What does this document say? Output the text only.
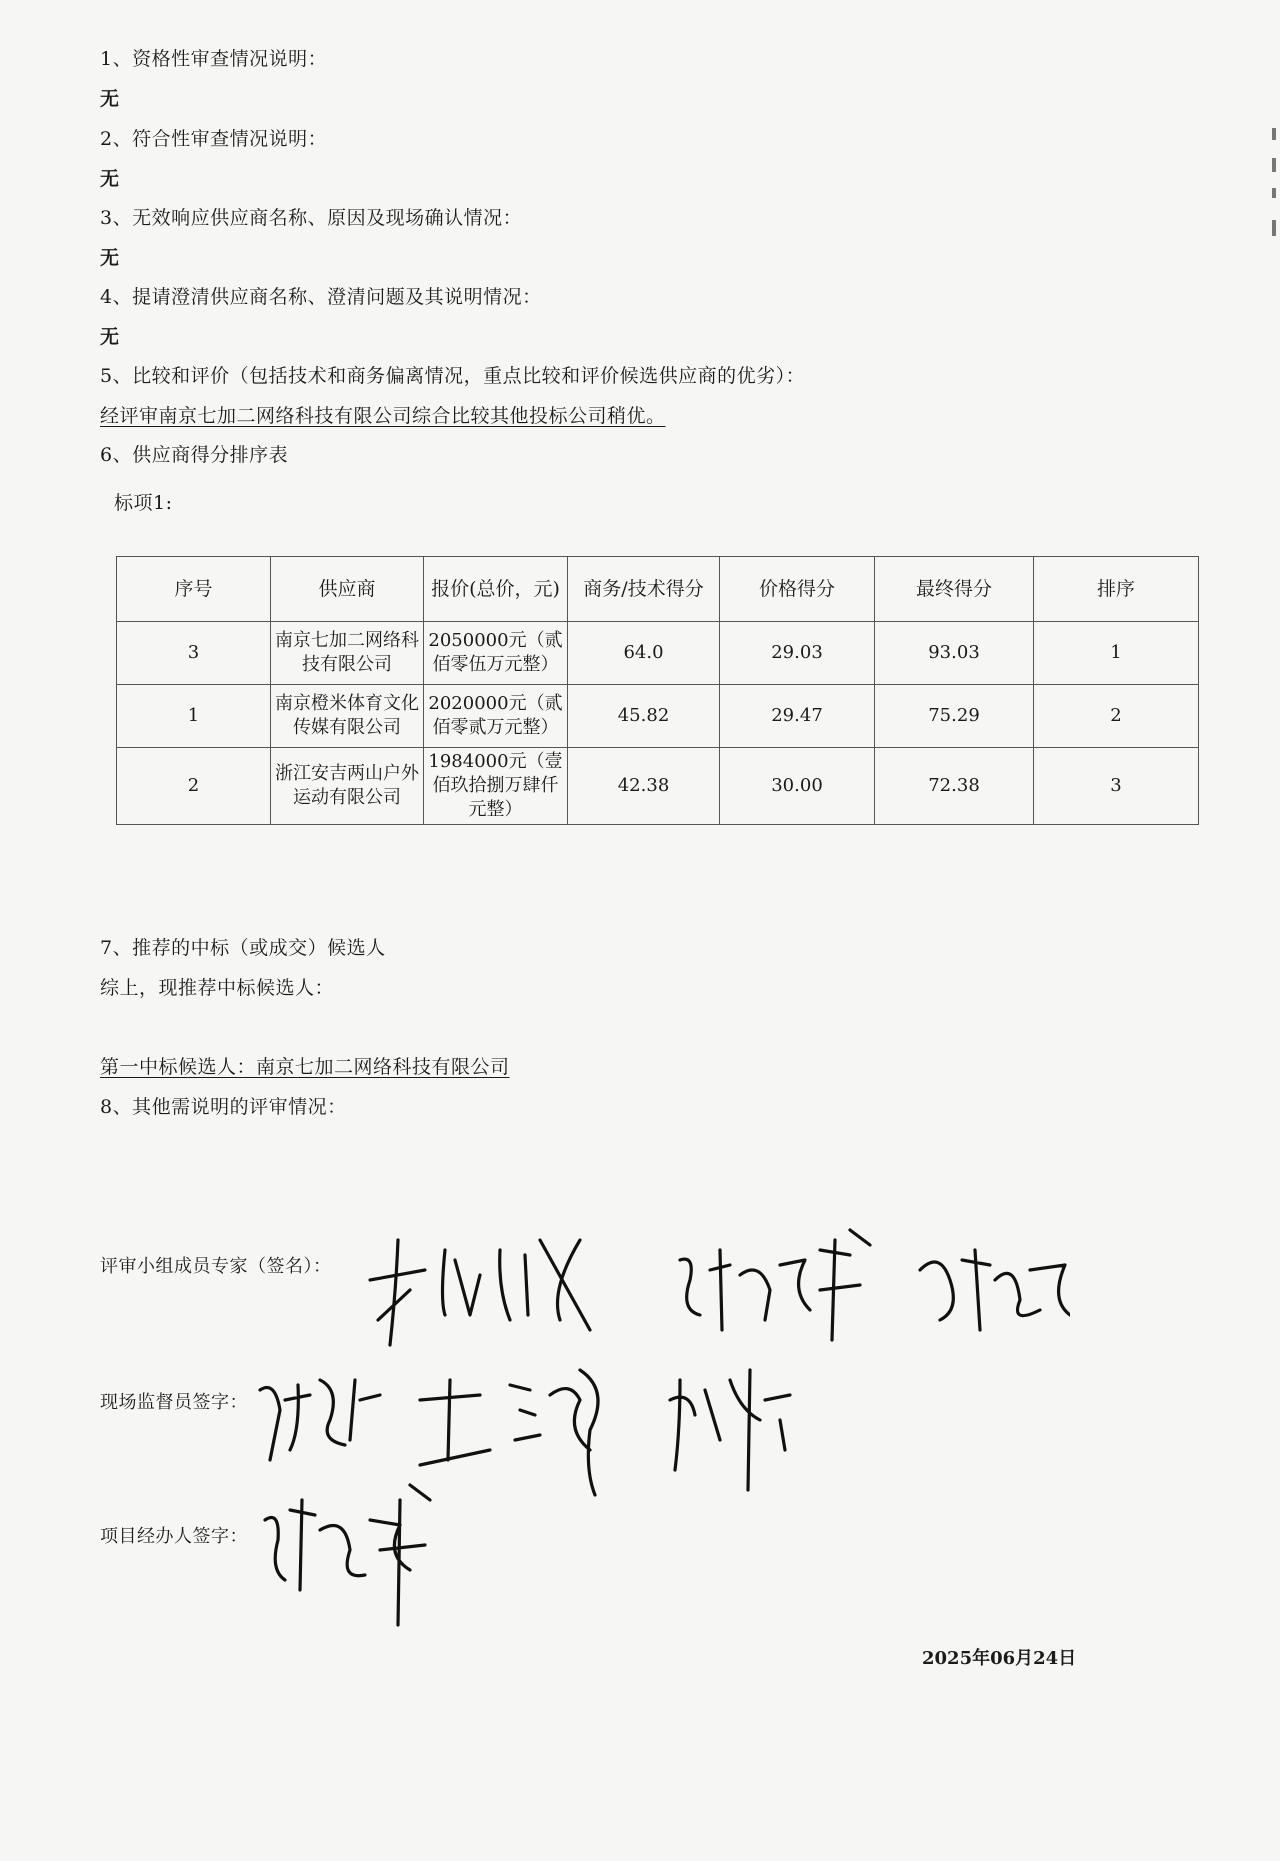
1、资格性审查情况说明：
无
2、符合性审查情况说明：
无
3、无效响应供应商名称、原因及现场确认情况：
无
4、提请澄清供应商名称、澄清问题及其说明情况：
无
5、比较和评价（包括技术和商务偏离情况，重点比较和评价候选供应商的优劣）：
经评审南京七加二网络科技有限公司综合比较其他投标公司稍优。
6、供应商得分排序表
标项1:
序号	供应商	报价(总价，元)	商务/技术得分	价格得分	最终得分	排序
3	南京七加二网络科技有限公司	2050000元（贰佰零伍万元整）	64.0	29.03	93.03	1
1	南京橙米体育文化传媒有限公司	2020000元（贰佰零贰万元整）	45.82	29.47	75.29	2
2	浙江安吉两山户外运动有限公司	1984000元（壹佰玖拾捌万肆仟元整）	42.38	30.00	72.38	3
7、推荐的中标（或成交）候选人
综上，现推荐中标候选人：
第一中标候选人：南京七加二网络科技有限公司
8、其他需说明的评审情况：
评审小组成员专家（签名）：
现场监督员签字：
项目经办人签字：
2025年06月24日
